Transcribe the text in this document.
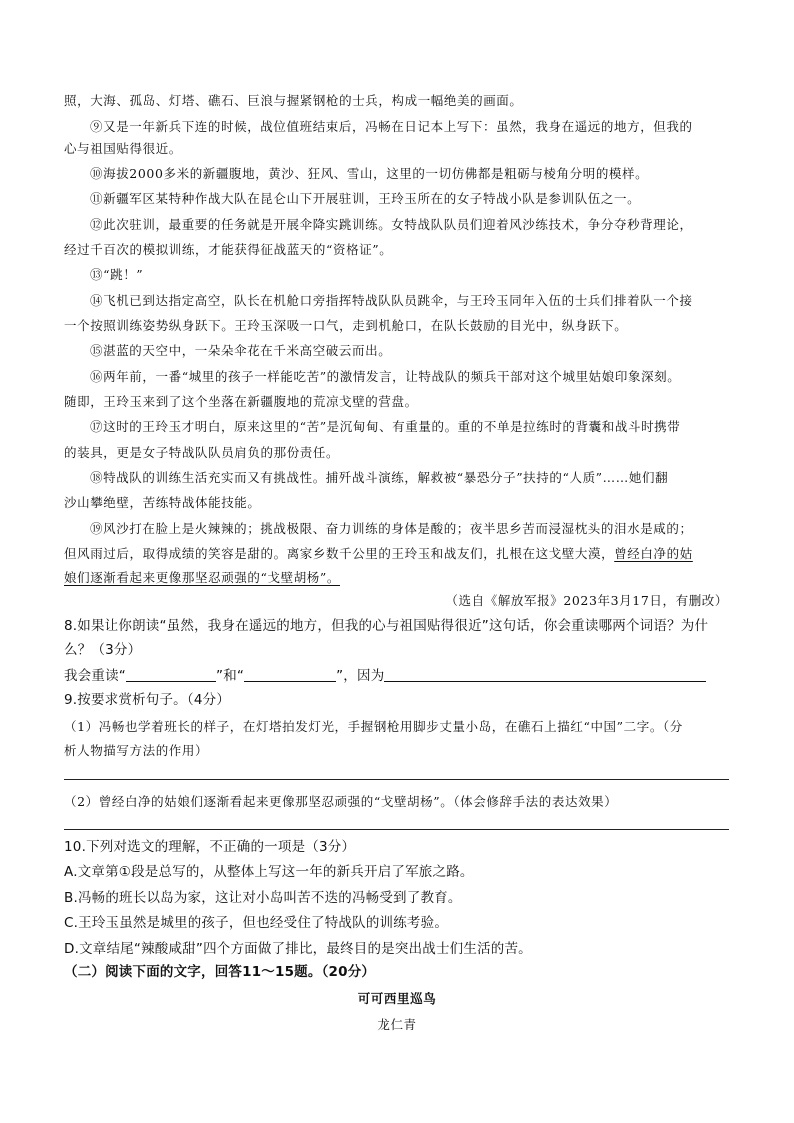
照，大海、孤岛、灯塔、礁石、巨浪与握紧钢枪的士兵，构成一幅绝美的画面。
⑨又是一年新兵下连的时候，战位值班结束后，冯畅在日记本上写下：虽然，我身在遥远的地方，但我的
心与祖国贴得很近。
⑩海拔2000多米的新疆腹地，黄沙、狂风、雪山，这里的一切仿佛都是粗砺与棱角分明的模样。
⑪新疆军区某特种作战大队在昆仑山下开展驻训，王玲玉所在的女子特战小队是参训队伍之一。
⑫此次驻训，最重要的任务就是开展伞降实跳训练。女特战队队员们迎着风沙练技术，争分夺秒背理论，
经过千百次的模拟训练，才能获得征战蓝天的“资格证”。
⑬“跳！”
⑭飞机已到达指定高空，队长在机舱口旁指挥特战队队员跳伞，与王玲玉同年入伍的士兵们排着队一个接
一个按照训练姿势纵身跃下。王玲玉深吸一口气，走到机舱口，在队长鼓励的目光中，纵身跃下。
⑮湛蓝的天空中，一朵朵伞花在千米高空破云而出。
⑯两年前，一番“城里的孩子一样能吃苦”的激情发言，让特战队的频兵干部对这个城里姑娘印象深刻。
随即，王玲玉来到了这个坐落在新疆腹地的荒凉戈壁的营盘。
⑰这时的王玲玉才明白，原来这里的“苦”是沉甸甸、有重量的。重的不单是拉练时的背囊和战斗时携带
的装具，更是女子特战队队员肩负的那份责任。
⑱特战队的训练生活充实而又有挑战性。捕歼战斗演练，解救被“暴恐分子”扶持的“人质”……她们翻
沙山攀绝壁，苦练特战体能技能。
⑲风沙打在脸上是火辣辣的；挑战极限、奋力训练的身体是酸的；夜半思乡苦而浸湿枕头的泪水是咸的；
但风雨过后，取得成绩的笑容是甜的。离家乡数千公里的王玲玉和战友们，扎根在这戈壁大漠，曾经白净的姑
娘们逐渐看起来更像那坚忍顽强的“戈壁胡杨”。
（选自《解放军报》2023年3月17日，有删改）
8.如果让你朗读“虽然，我身在遥远的地方，但我的心与祖国贴得很近”这句话，你会重读哪两个词语？为什
么？（3分）
我会重读“	”和“	”，因为
9.按要求赏析句子。（4分）
（1）冯畅也学着班长的样子，在灯塔拍发灯光，手握钢枪用脚步丈量小岛，在礁石上描红“中国”二字。（分
析人物描写方法的作用）
（2）曾经白净的姑娘们逐渐看起来更像那坚忍顽强的“戈壁胡杨”。（体会修辞手法的表达效果）
10.下列对选文的理解，不正确的一项是（3分）
A.文章第①段是总写的，从整体上写这一年的新兵开启了军旅之路。
B.冯畅的班长以岛为家，这让对小岛叫苦不迭的冯畅受到了教育。
C.王玲玉虽然是城里的孩子，但也经受住了特战队的训练考验。
D.文章结尾“辣酸咸甜”四个方面做了排比，最终目的是突出战士们生活的苦。
（二）阅读下面的文字，回答11～15题。（20分）
可可西里巡鸟
龙仁青
